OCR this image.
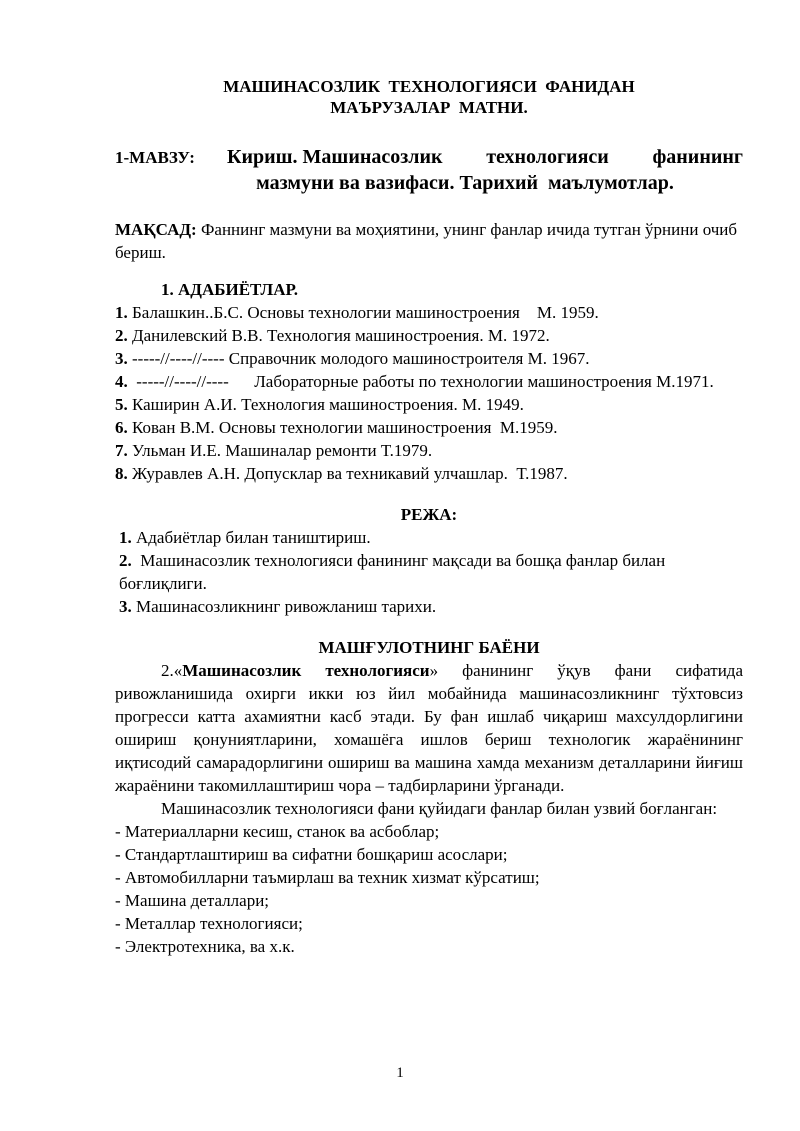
МАШИНАСОЗЛИК  ТЕХНОЛОГИЯСИ  ФАНИДАН
МАЪРУЗАЛАР  МАТНИ.
1-МАВЗУ:	Кириш. Машинасозлик технологияси фанининг
мазмуни ва вазифаси. Тарихий  маълумотлар.
МАҚСАД: Фаннинг мазмуни ва моҳиятини, унинг фанлар ичида тутган ўрнини очиб бериш.
1. АДАБИЁТЛАР.
1. Балашкин..Б.С. Основы технологии машиностроения    М. 1959.
2. Данилевский В.В. Технология машиностроения. М. 1972.
3. -----//----//---- Справочник молодого машиностроителя М. 1967.
4.  -----//----//----      Лабораторные работы по технологии машиностроения М.1971.
5. Каширин А.И. Технология машиностроения. М. 1949.
6. Кован В.М. Основы технологии машиностроения  М.1959.
7. Ульман И.Е. Машиналар ремонти Т.1979.
8. Журавлев А.Н. Допусклар ва техникавий улчашлар.  Т.1987.
РЕЖА:
1. Адабиётлар билан таништириш.
2.  Машинасозлик технологияси фанининг мақсади ва бошқа фанлар билан боғлиқлиги.
3. Машинасозликнинг ривожланиш тарихи.
МАШҒУЛОТНИНГ БАЁНИ
2.«Машинасозлик технологияси» фанининг ўқув фани сифатида ривожланишида охирги икки юз йил мобайнида машинасозликнинг тўхтовсиз прогресси катта ахамиятни касб этади. Бу фан ишлаб чиқариш махсулдорлигини ошириш қонуниятларини, хомашёга ишлов бериш технологик жараёнининг иқтисодий самарадорлигини ошириш ва машина хамда механизм деталларини йиғиш жараёнини такомиллаштириш чора – тадбирларини ўрганади.
Машинасозлик технологияси фани қуйидаги фанлар билан узвий боғланган:
- Материалларни кесиш, станок ва асбоблар;
- Стандартлаштириш ва сифатни бошқариш асослари;
- Автомобилларни таъмирлаш ва техник хизмат кўрсатиш;
- Машина деталлари;
- Металлар технологияси;
- Электротехника, ва х.к.
1
